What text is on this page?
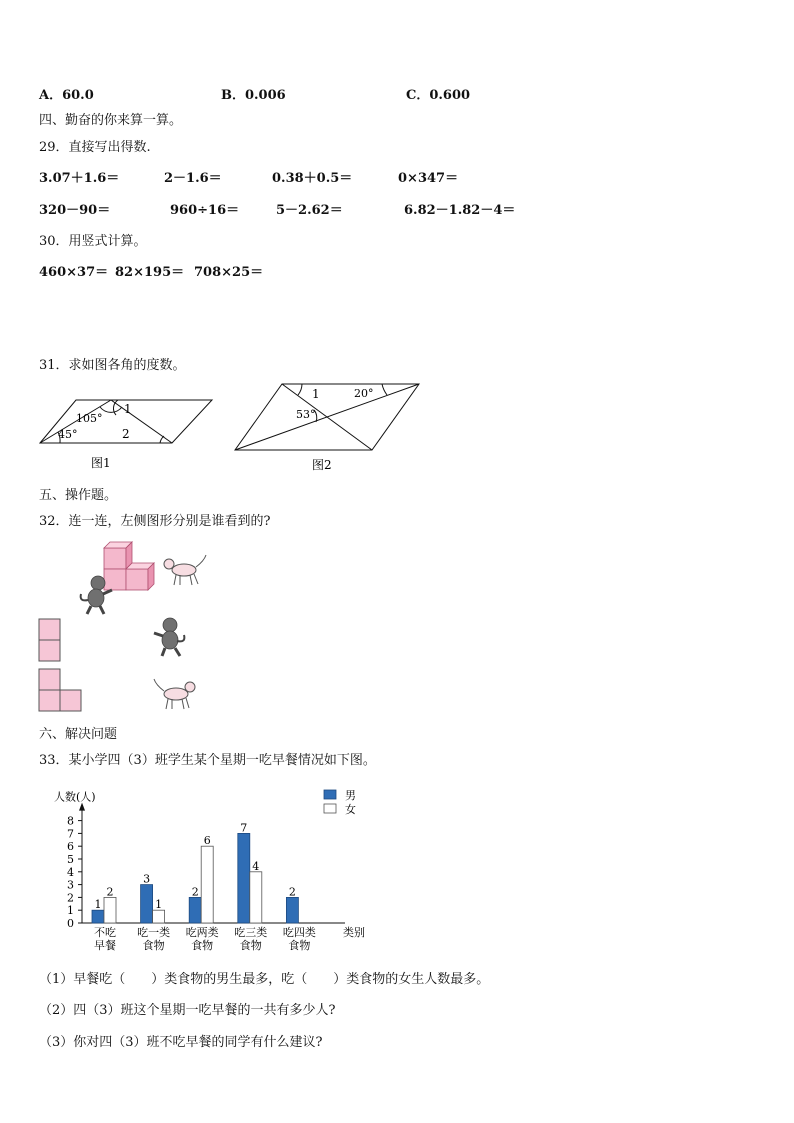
A．60.0	B．0.006	C．0.600
四、勤奋的你来算一算。
29．直接写出得数.
3.07＋1.6＝	2－1.6＝	0.38＋0.5＝	0×347＝
320－90＝	960÷16＝	5－2.62＝	6.82－1.82－4＝
30．用竖式计算。
460×37＝ 82×195＝ 708×25＝
31．求如图各角的度数。
105°
45°
1
2
图1
1	20°
53°
图2
五、操作题。
32．连一连，左侧图形分别是谁看到的?
六、解决问题
33．某小学四（3）班学生某个星期一吃早餐情况如下图。
人数(人)
0
1
2
3
4
5
6
7
8
类别
不吃
早餐
1
2
吃一类
食物
3
1
吃两类
食物
2
6
吃三类
食物
7
4
吃四类
食物
2
男
女
（1）早餐吃（　　）类食物的男生最多，吃（　　）类食物的女生人数最多。
（2）四（3）班这个星期一吃早餐的一共有多少人?
（3）你对四（3）班不吃早餐的同学有什么建议?
